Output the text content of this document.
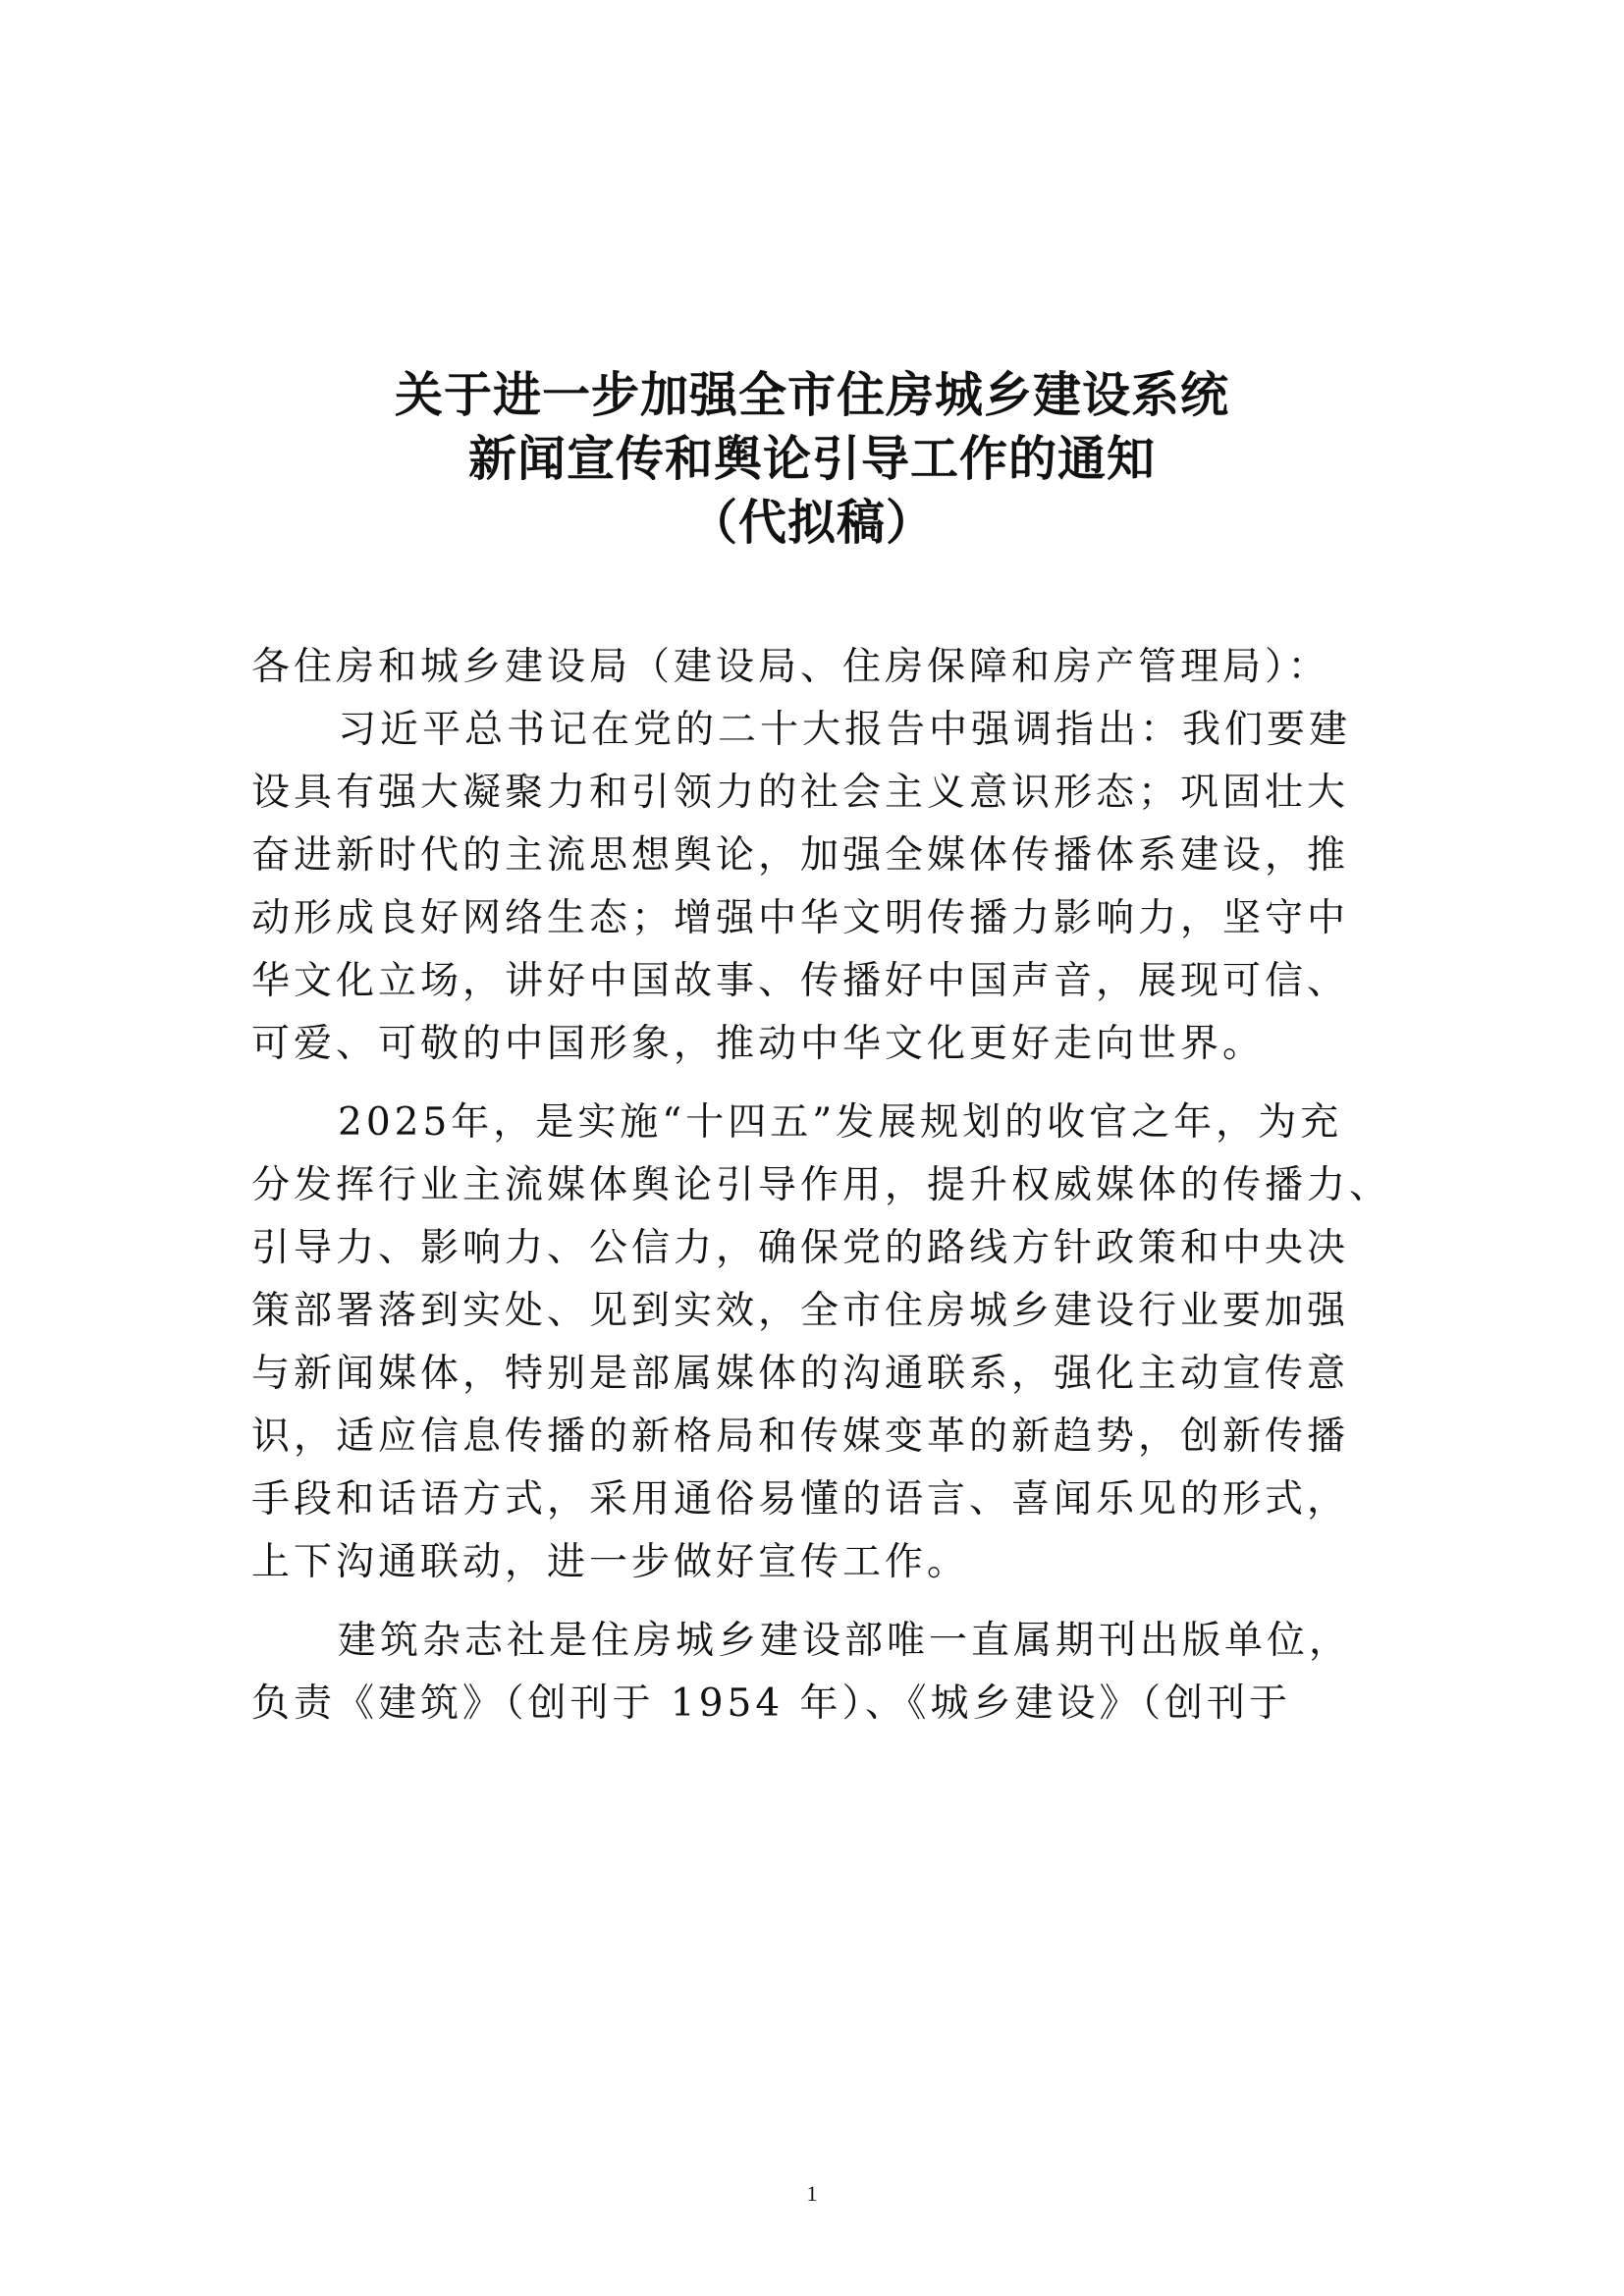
关于进一步加强全市住房城乡建设系统
新闻宣传和舆论引导工作的通知
（代拟稿）
各住房和城乡建设局（建设局、住房保障和房产管理局）：
习近平总书记在党的二十大报告中强调指出：我们要建
设具有强大凝聚力和引领力的社会主义意识形态；巩固壮大
奋进新时代的主流思想舆论，加强全媒体传播体系建设，推
动形成良好网络生态；增强中华文明传播力影响力，坚守中
华文化立场，讲好中国故事、传播好中国声音，展现可信、
可爱、可敬的中国形象，推动中华文化更好走向世界。
2025年，是实施“十四五”发展规划的收官之年，为充
分发挥行业主流媒体舆论引导作用，提升权威媒体的传播力、
引导力、影响力、公信力，确保党的路线方针政策和中央决
策部署落到实处、见到实效，全市住房城乡建设行业要加强
与新闻媒体，特别是部属媒体的沟通联系，强化主动宣传意
识，适应信息传播的新格局和传媒变革的新趋势，创新传播
手段和话语方式，采用通俗易懂的语言、喜闻乐见的形式，
上下沟通联动，进一步做好宣传工作。
建筑杂志社是住房城乡建设部唯一直属期刊出版单位，
负责《建筑》（创刊于 1954 年）、《城乡建设》（创刊于
1
